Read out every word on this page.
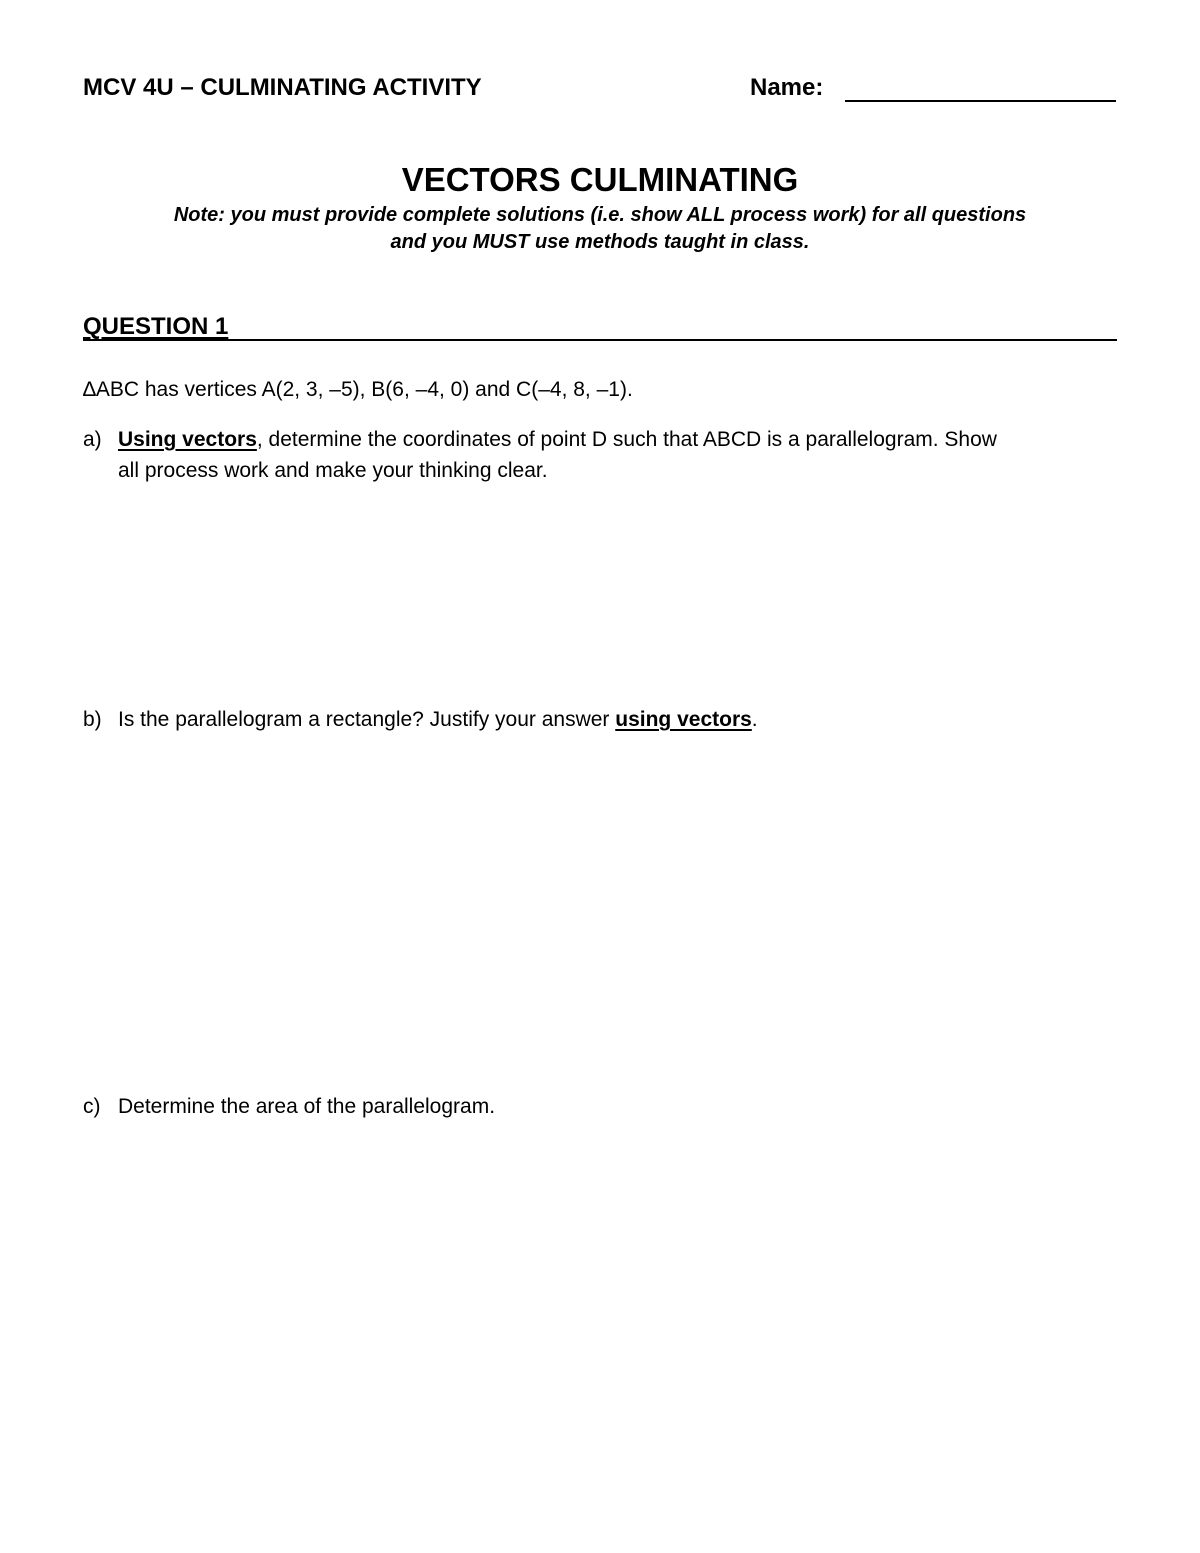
MCV 4U – CULMINATING ACTIVITY	Name:
VECTORS CULMINATING
Note: you must provide complete solutions (i.e. show ALL process work) for all questions
and you MUST use methods taught in class.
QUESTION 1
∆ABC has vertices A(2, 3, –5), B(6, –4, 0) and C(–4, 8, –1).
a) Using vectors, determine the coordinates of point D such that ABCD is a parallelogram. Show
all process work and make your thinking clear.
b) Is the parallelogram a rectangle? Justify your answer using vectors.
c) Determine the area of the parallelogram.
